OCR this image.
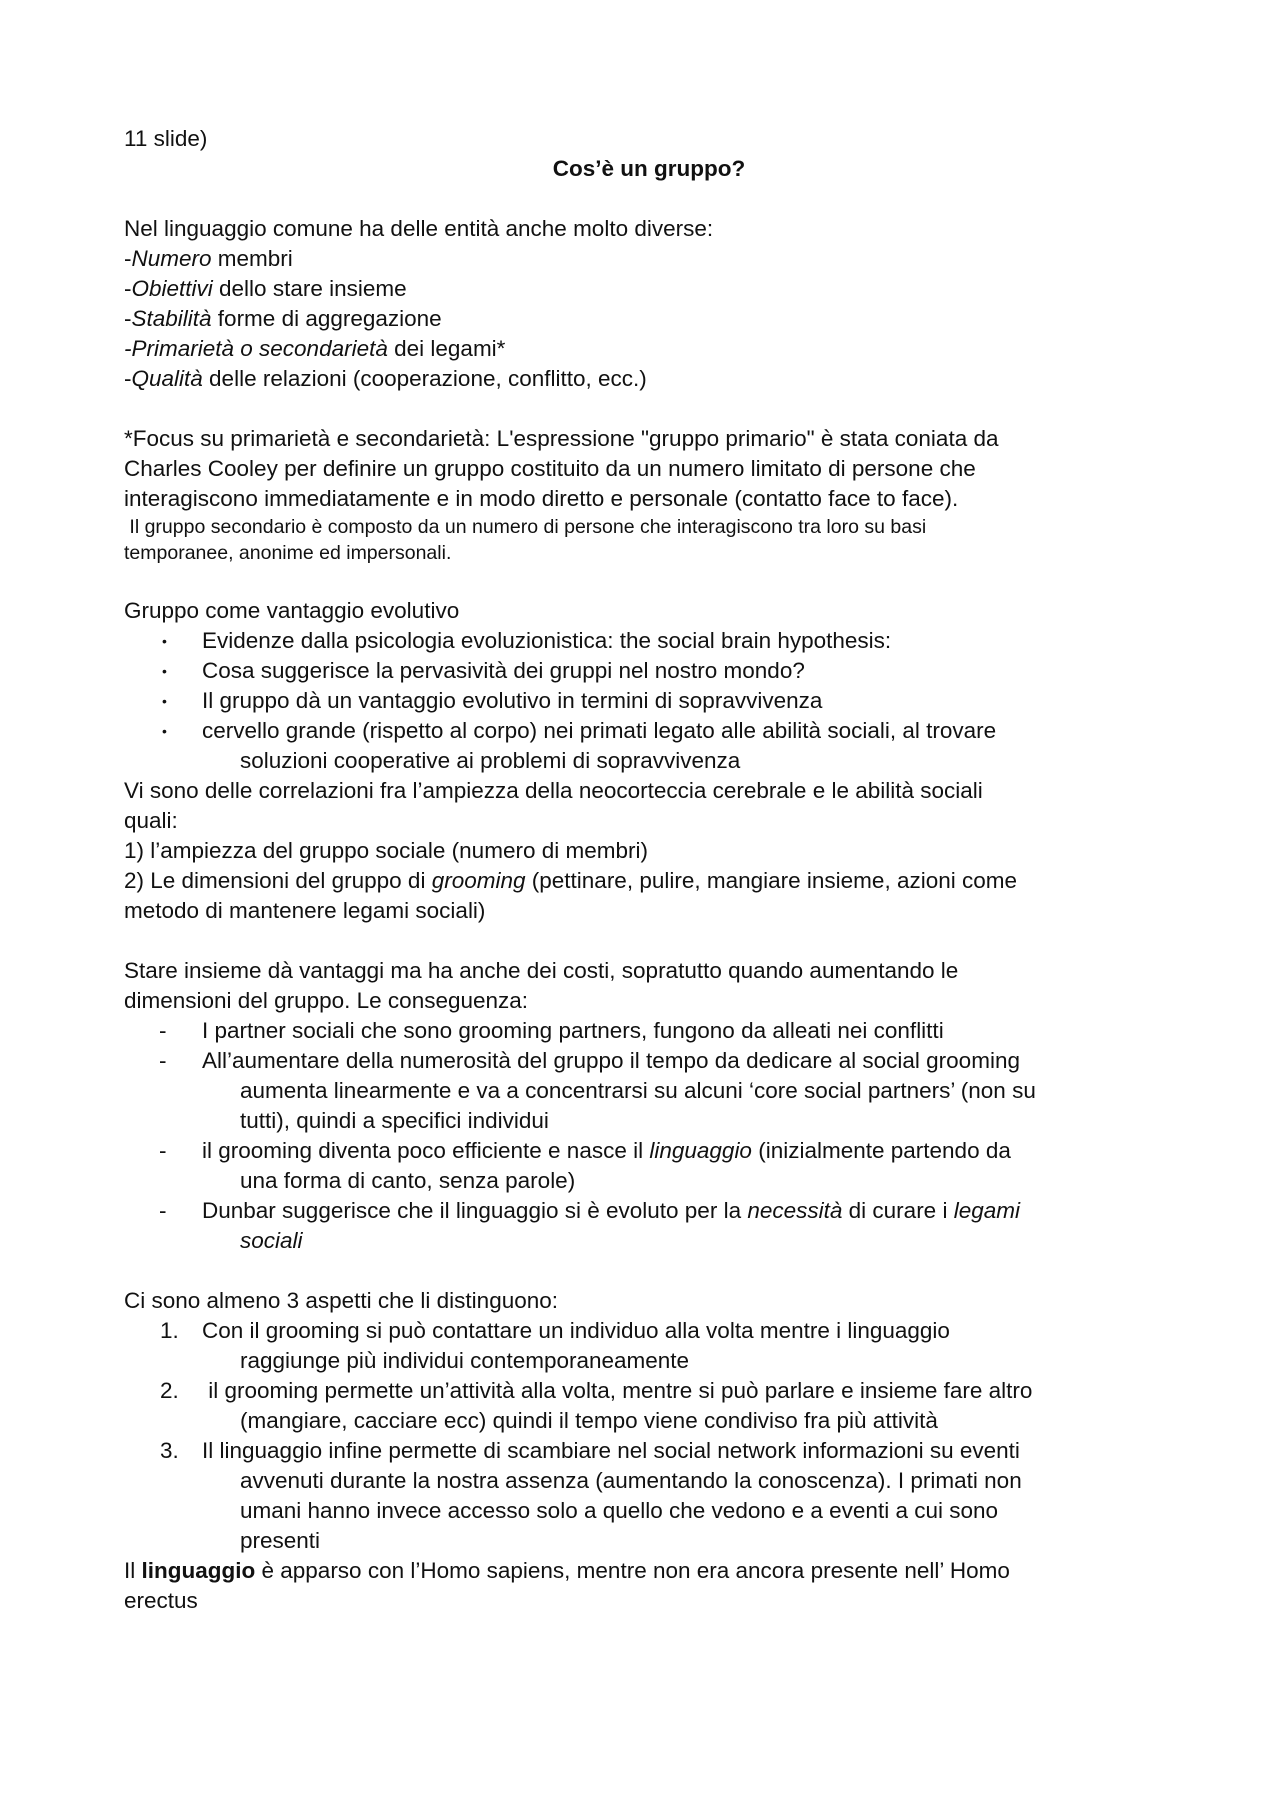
11 slide)
Cos’è un gruppo?
Nel linguaggio comune ha delle entità anche molto diverse:
-Numero membri
-Obiettivi dello stare insieme
-Stabilità forme di aggregazione
-Primarietà o secondarietà dei legami*
-Qualità delle relazioni (cooperazione, conflitto, ecc.)
*Focus su primarietà e secondarietà: L'espressione "gruppo primario" è stata coniata da
Charles Cooley per definire un gruppo costituito da un numero limitato di persone che
interagiscono immediatamente e in modo diretto e personale (contatto face to face).
Il gruppo secondario è composto da un numero di persone che interagiscono tra loro su basi
temporanee, anonime ed impersonali.
Gruppo come vantaggio evolutivo
• Evidenze dalla psicologia evoluzionistica: the social brain hypothesis:
• Cosa suggerisce la pervasività dei gruppi nel nostro mondo?
• Il gruppo dà un vantaggio evolutivo in termini di sopravvivenza
• cervello grande (rispetto al corpo) nei primati legato alle abilità sociali, al trovare
soluzioni cooperative ai problemi di sopravvivenza
Vi sono delle correlazioni fra l’ampiezza della neocorteccia cerebrale e le abilità sociali
quali:
1) l’ampiezza del gruppo sociale (numero di membri)
2) Le dimensioni del gruppo di grooming (pettinare, pulire, mangiare insieme, azioni come
metodo di mantenere legami sociali)
Stare insieme dà vantaggi ma ha anche dei costi, sopratutto quando aumentando le
dimensioni del gruppo. Le conseguenza:
- I partner sociali che sono grooming partners, fungono da alleati nei conflitti
- All’aumentare della numerosità del gruppo il tempo da dedicare al social grooming
aumenta linearmente e va a concentrarsi su alcuni ‘core social partners’ (non su
tutti), quindi a specifici individui
- il grooming diventa poco efficiente e nasce il linguaggio (inizialmente partendo da
una forma di canto, senza parole)
- Dunbar suggerisce che il linguaggio si è evoluto per la necessità di curare i legami
sociali
Ci sono almeno 3 aspetti che li distinguono:
1. Con il grooming si può contattare un individuo alla volta mentre i linguaggio
raggiunge più individui contemporaneamente
2. il grooming permette un’attività alla volta, mentre si può parlare e insieme fare altro
(mangiare, cacciare ecc) quindi il tempo viene condiviso fra più attività
3. Il linguaggio infine permette di scambiare nel social network informazioni su eventi
avvenuti durante la nostra assenza (aumentando la conoscenza). I primati non
umani hanno invece accesso solo a quello che vedono e a eventi a cui sono
presenti
Il linguaggio è apparso con l’Homo sapiens, mentre non era ancora presente nell’ Homo
erectus
